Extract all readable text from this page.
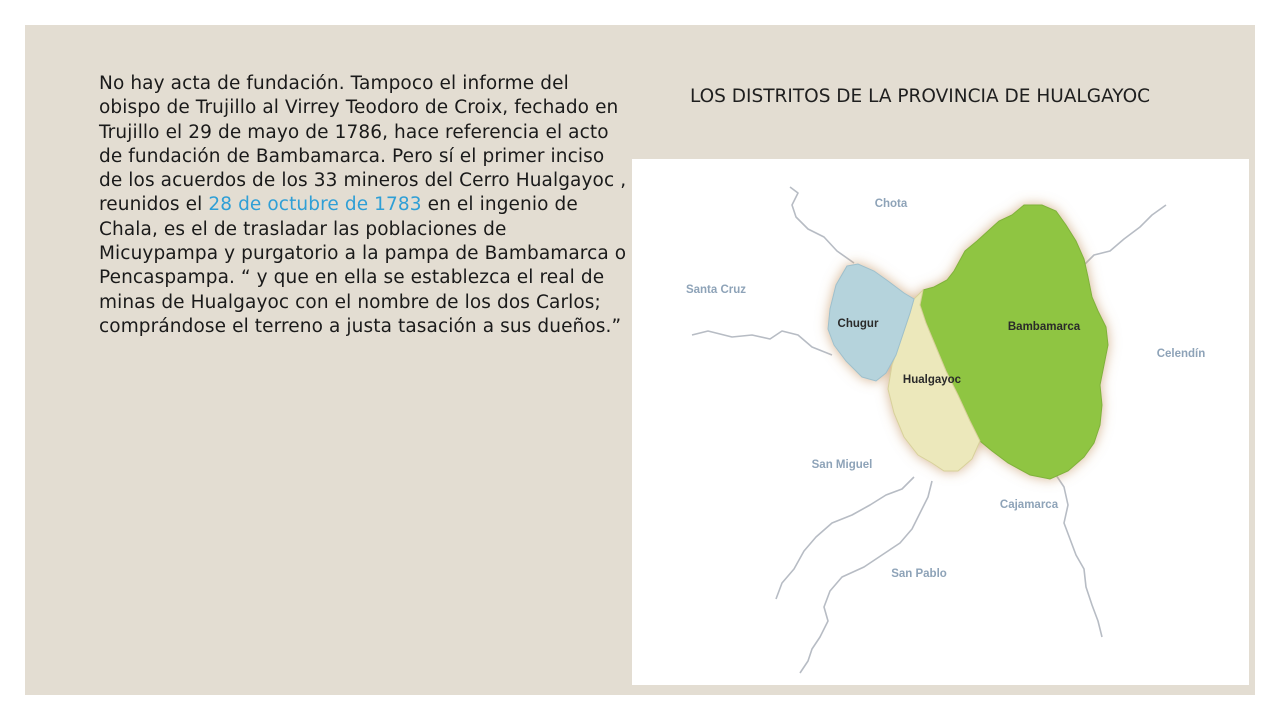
No hay acta de fundación. Tampoco el informe del obispo de Trujillo al Virrey Teodoro de Croix, fechado en Trujillo el 29 de mayo de 1786, hace referencia el acto de fundación de Bambamarca. Pero sí el primer inciso de los acuerdos de los 33 mineros del Cerro Hualgayoc , reunidos el 28 de octubre de 1783 en el ingenio de Chala, es el de trasladar las poblaciones de Micuypampa y purgatorio a la pampa de Bambamarca o Pencaspampa. “ y que en ella se establezca el real de minas de Hualgayoc con el nombre de los dos Carlos; comprándose el terreno a justa tasación a sus dueños.”
LOS DISTRITOS DE LA PROVINCIA DE HUALGAYOC
Chota
Santa Cruz
Celendín
San Miguel
Cajamarca
San Pablo
Chugur
Hualgayoc
Bambamarca
